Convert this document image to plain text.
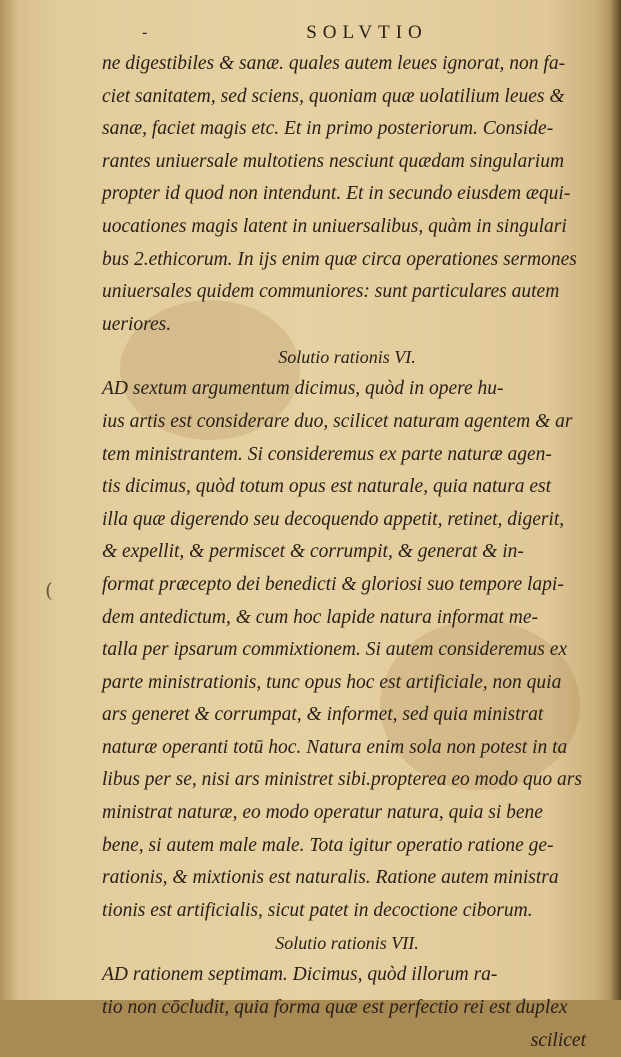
(
-	SOLVTIO
ne digestibiles & sanæ. quales autem leues ignorat, non fa-
ciet sanitatem, sed sciens, quoniam quæ uolatilium leues &
sanæ, faciet magis etc. Et in primo posteriorum. Conside-
rantes uniuersale multotiens nesciunt quædam singularium
propter id quod non intendunt. Et in secundo eiusdem æqui-
uocationes magis latent in uniuersalibus, quàm in singulari
bus 2.ethicorum. In ijs enim quæ circa operationes sermones
uniuersales quidem communiores: sunt particulares autem
ueriores.
Solutio rationis VI.
AD sextum argumentum dicimus, quòd in opere hu-
ius artis est considerare duo, scilicet naturam agentem & ar
tem ministrantem. Si consideremus ex parte naturæ agen-
tis dicimus, quòd totum opus est naturale, quia natura est
illa quæ digerendo seu decoquendo appetit, retinet, digerit,
& expellit, & permiscet & corrumpit, & generat & in-
format præcepto dei benedicti & gloriosi suo tempore lapi-
dem antedictum, & cum hoc lapide natura informat me-
talla per ipsarum commixtionem. Si autem consideremus ex
parte ministrationis, tunc opus hoc est artificiale, non quia
ars generet & corrumpat, & informet, sed quia ministrat
naturæ operanti totū hoc. Natura enim sola non potest in ta
libus per se, nisi ars ministret sibi.propterea eo modo quo ars
ministrat naturæ, eo modo operatur natura, quia si bene
bene, si autem male male. Tota igitur operatio ratione ge-
rationis, & mixtionis est naturalis. Ratione autem ministra
tionis est artificialis, sicut patet in decoctione ciborum.
Solutio rationis VII.
AD rationem septimam. Dicimus, quòd illorum ra-
tio non cōcludit, quia forma quæ est perfectio rei est duplex
scilicet
